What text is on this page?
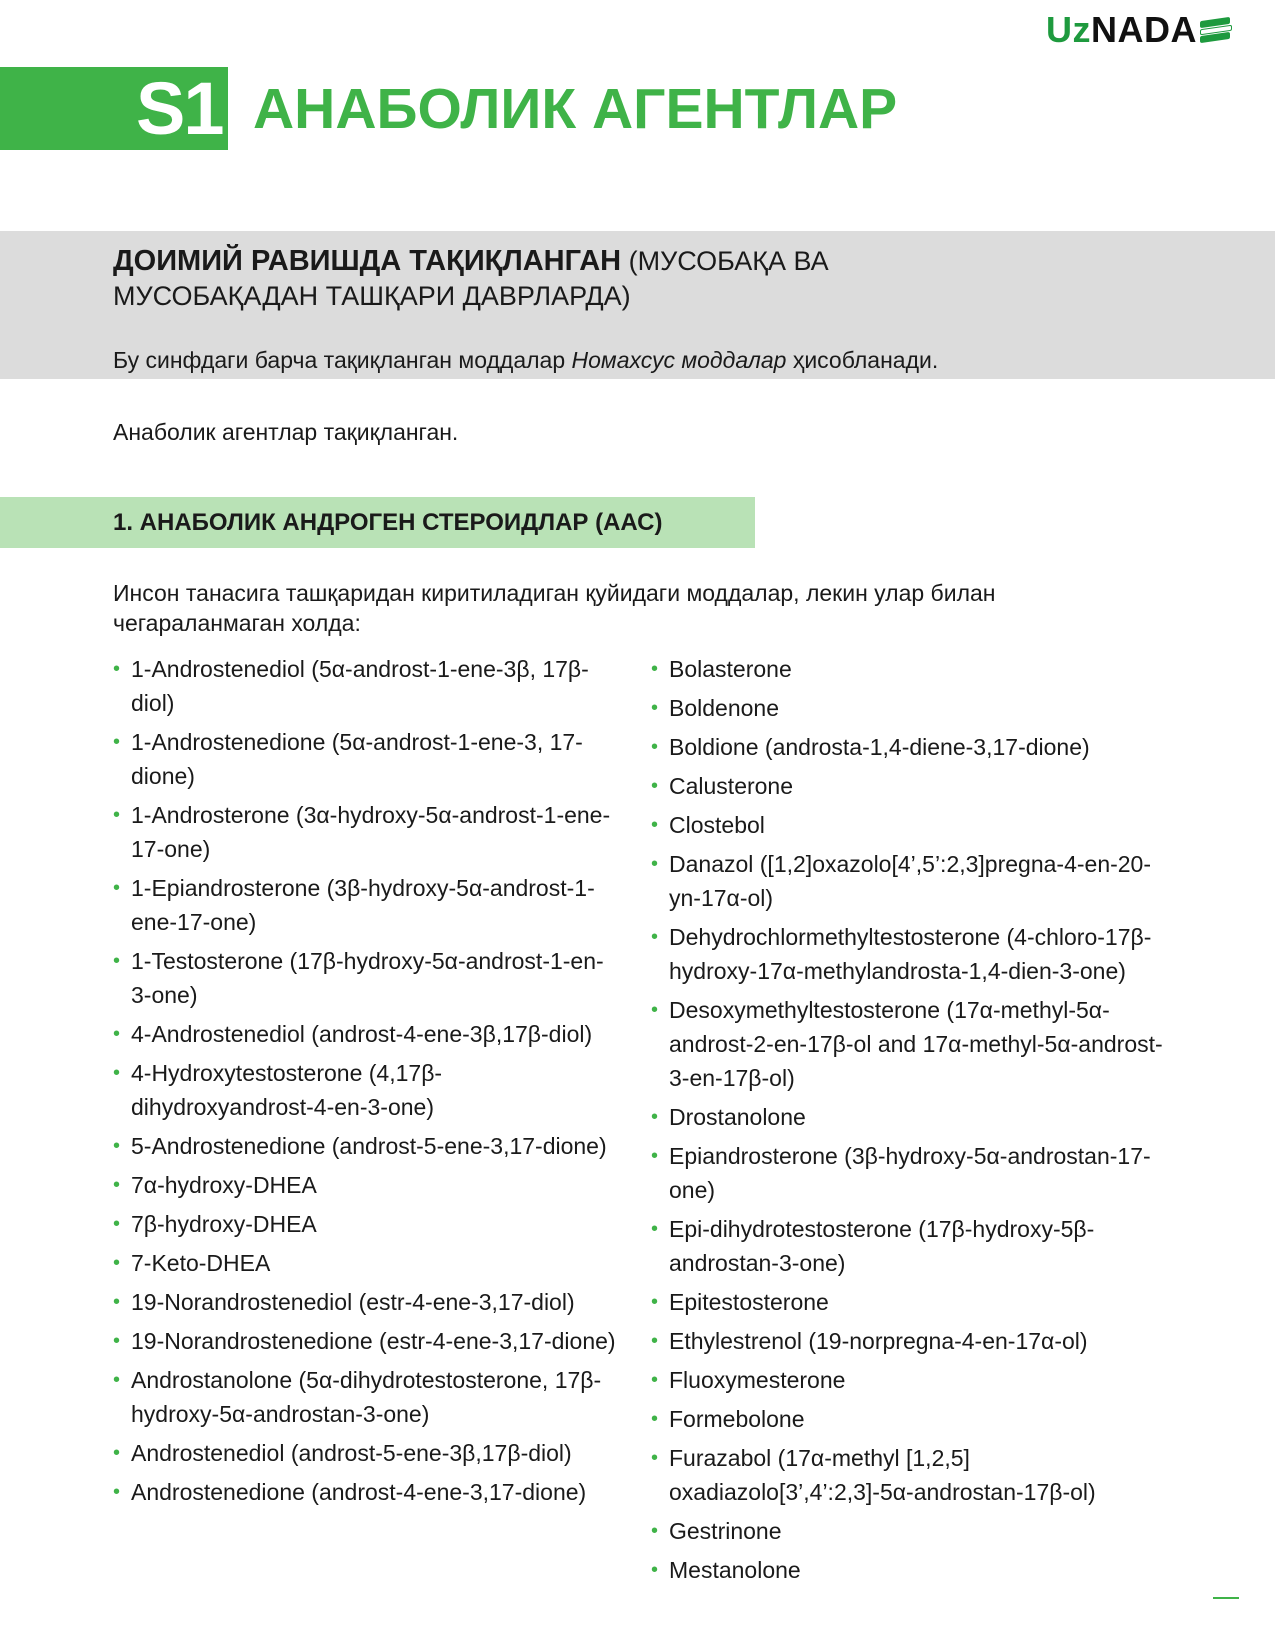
Uz NADA
S1 АНАБОЛИК АГЕНТЛАР
ДОИМИЙ РАВИШДА ТАҚИҚЛАНГАН (МУСОБАҚА ВА МУСОБАҚАДАН ТАШҚАРИ ДАВРЛАРДА)
Бу синфдаги барча тақиқланган моддалар Номахсус моддалар ҳисобланади.
Анаболик агентлар тақиқланган.
1. АНАБОЛИК АНДРОГЕН СТЕРОИДЛАР (ААС)
Инсон танасига ташқаридан киритиладиган қуйидаги моддалар, лекин улар билан чегараланмаган холда:
• 1-Androstenediol (5α-androst-1-ene-3β, 17β-diol)
• 1-Androstenedione (5α-androst-1-ene-3, 17-dione)
• 1-Androsterone (3α-hydroxy-5α-androst-1-ene-17-one)
• 1-Epiandrosterone (3β-hydroxy-5α-androst-1-ene-17-one)
• 1-Testosterone (17β-hydroxy-5α-androst-1-en-3-one)
• 4-Androstenediol (androst-4-ene-3β,17β-diol)
• 4-Hydroxytestosterone (4,17β-dihydroxyandrost-4-en-3-one)
• 5-Androstenedione (androst-5-ene-3,17-dione)
• 7α-hydroxy-DHEA
• 7β-hydroxy-DHEA
• 7-Keto-DHEA
• 19-Norandrostenediol (estr-4-ene-3,17-diol)
• 19-Norandrostenedione (estr-4-ene-3,17-dione)
• Androstanolone (5α-dihydrotestosterone, 17β-hydroxy-5α-androstan-3-one)
• Androstenediol (androst-5-ene-3β,17β-diol)
• Androstenedione (androst-4-ene-3,17-dione)
• Bolasterone
• Boldenone
• Boldione (androsta-1,4-diene-3,17-dione)
• Calusterone
• Clostebol
• Danazol ([1,2]oxazolo[4’,5’:2,3]pregna-4-en-20-yn-17α-ol)
• Dehydrochlormethyltestosterone (4-chloro-17β-hydroxy-17α-methylandrosta-1,4-dien-3-one)
• Desoxymethyltestosterone (17α-methyl-5α-androst-2-en-17β-ol and 17α-methyl-5α-androst-3-en-17β-ol)
• Drostanolone
• Epiandrosterone (3β-hydroxy-5α-androstan-17-one)
• Epi-dihydrotestosterone (17β-hydroxy-5β-androstan-3-one)
• Epitestosterone
• Ethylestrenol (19-norpregna-4-en-17α-ol)
• Fluoxymesterone
• Formebolone
• Furazabol (17α-methyl [1,2,5] oxadiazolo[3’,4’:2,3]-5α-androstan-17β-ol)
• Gestrinone
• Mestanolone
